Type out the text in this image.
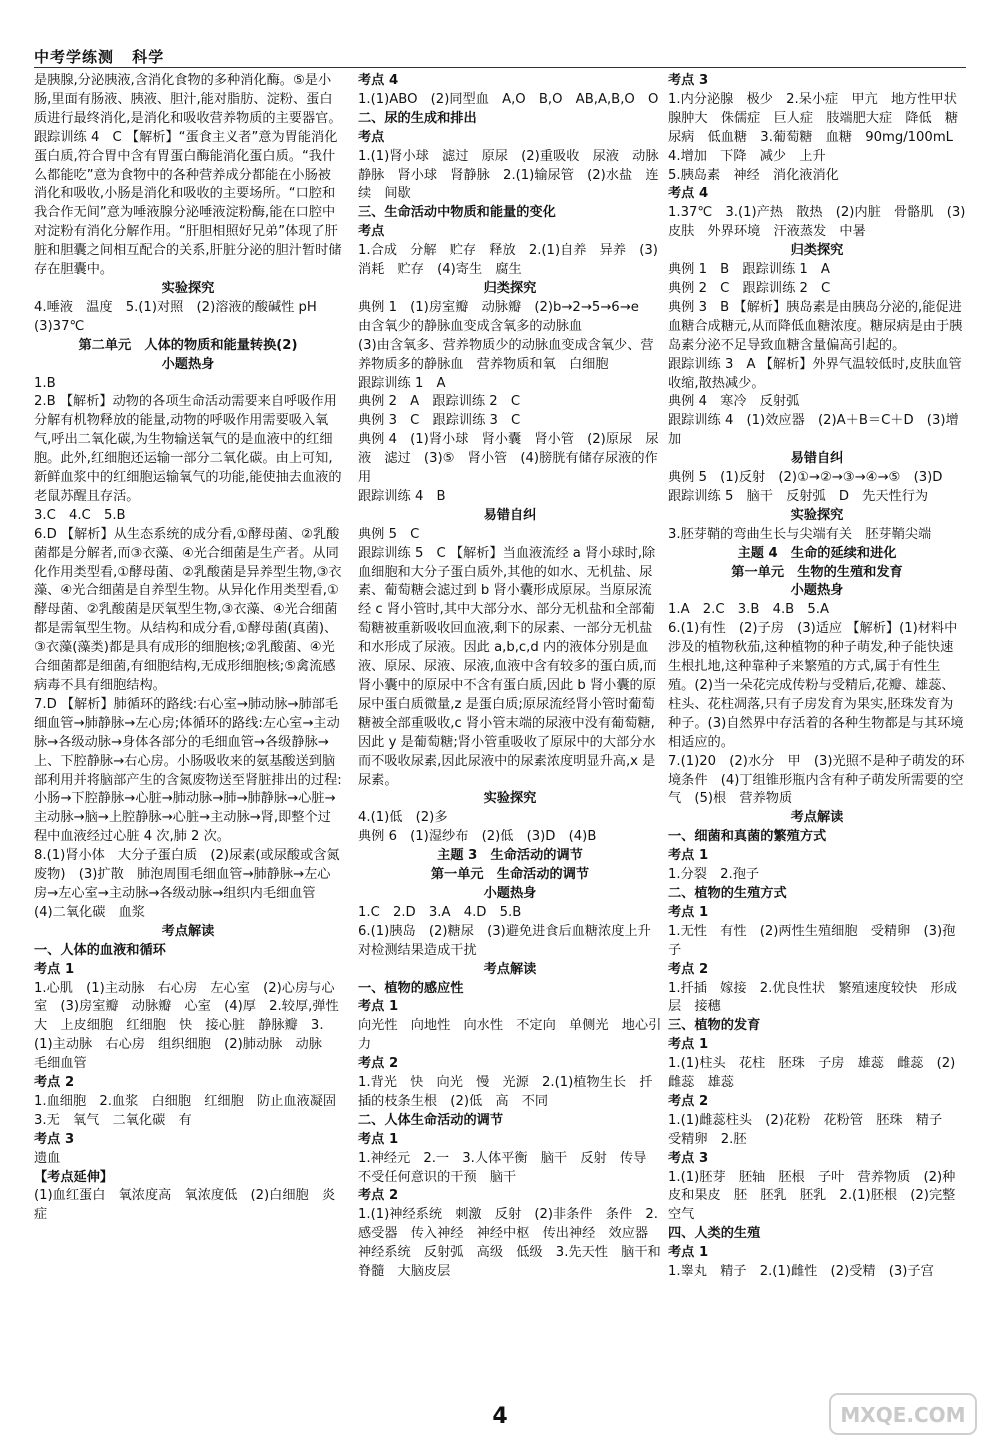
中考学练测 科学
是胰腺,分泌胰液,含消化食物的多种消化酶。⑤是小肠,里面有肠液、胰液、胆汁,能对脂肪、淀粉、蛋白质进行最终消化,是消化和吸收营养物质的主要器官。
跟踪训练 4　C 【解析】“蛋食主义者”意为胃能消化蛋白质,符合胃中含有胃蛋白酶能消化蛋白质。“我什么都能吃”意为食物中的各种营养成分都能在小肠被消化和吸收,小肠是消化和吸收的主要场所。“口腔和我合作无间”意为唾液腺分泌唾液淀粉酶,能在口腔中对淀粉有消化分解作用。“肝胆相照好兄弟”体现了肝脏和胆囊之间相互配合的关系,肝脏分泌的胆汁暂时储存在胆囊中。
实验探究
4.唾液　温度　5.(1)对照　(2)溶液的酸碱性 pH　(3)37℃
第二单元　人体的物质和能量转换(2)
小题热身
1.B
2.B 【解析】动物的各项生命活动需要来自呼吸作用分解有机物释放的能量,动物的呼吸作用需要吸入氧气,呼出二氧化碳,为生物输送氧气的是血液中的红细胞。此外,红细胞还运输一部分二氧化碳。由上可知,新鲜血浆中的红细胞运输氧气的功能,能使抽去血液的老鼠苏醒且存活。
3.C　4.C　5.B
6.D 【解析】从生态系统的成分看,①酵母菌、②乳酸菌都是分解者,而③衣藻、④光合细菌是生产者。从同化作用类型看,①酵母菌、②乳酸菌是异养型生物,③衣藻、④光合细菌是自养型生物。从异化作用类型看,①酵母菌、②乳酸菌是厌氧型生物,③衣藻、④光合细菌都是需氧型生物。从结构和成分看,①酵母菌(真菌)、③衣藻(藻类)都是具有成形的细胞核;②乳酸菌、④光合细菌都是细菌,有细胞结构,无成形细胞核;⑤禽流感病毒不具有细胞结构。
7.D 【解析】肺循环的路线:右心室→肺动脉→肺部毛细血管→肺静脉→左心房;体循环的路线:左心室→主动脉→各级动脉→身体各部分的毛细血管→各级静脉→上、下腔静脉→右心房。小肠吸收来的氨基酸送到脑部利用并将脑部产生的含氮废物送至肾脏排出的过程:小肠→下腔静脉→心脏→肺动脉→肺→肺静脉→心脏→主动脉→脑→上腔静脉→心脏→主动脉→肾,即整个过程中血液经过心脏 4 次,肺 2 次。
8.(1)肾小体　大分子蛋白质　(2)尿素(或尿酸或含氮废物)　(3)扩散　肺泡周围毛细血管→肺静脉→左心房→左心室→主动脉→各级动脉→组织内毛细血管　(4)二氧化碳　血浆
考点解读
一、人体的血液和循环
考点 1
1.心肌　(1)主动脉　右心房　左心室　(2)心房与心室　(3)房室瓣　动脉瓣　心室　(4)厚　2.较厚,弹性大　上皮细胞　红细胞　快　接心脏　静脉瓣　3.(1)主动脉　右心房　组织细胞　(2)肺动脉　动脉　毛细血管
考点 2
1.血细胞　2.血浆　白细胞　红细胞　防止血液凝固　3.无　氧气　二氧化碳　有
考点 3
遗血
【考点延伸】
(1)血红蛋白　氧浓度高　氧浓度低　(2)白细胞　炎症
考点 4
1.(1)ABO　(2)同型血　A,O　B,O　AB,A,B,O　O
二、尿的生成和排出
考点
1.(1)肾小球　滤过　原尿　(2)重吸收　尿液　动脉　静脉　肾小球　肾静脉　2.(1)输尿管　(2)水盐　连续　间歇
三、生命活动中物质和能量的变化
考点
1.合成　分解　贮存　释放　2.(1)自养　异养　(3)消耗　贮存　(4)寄生　腐生
归类探究
典例 1　(1)房室瓣　动脉瓣　(2)b→2→5→6→e　由含氧少的静脉血变成含氧多的动脉血
(3)由含氧多、营养物质少的动脉血变成含氧少、营养物质多的静脉血　营养物质和氧　白细胞
跟踪训练 1　A
典例 2　A　跟踪训练 2　C
典例 3　C　跟踪训练 3　C
典例 4　(1)肾小球　肾小囊　肾小管　(2)原尿　尿液　滤过　(3)⑤　肾小管　(4)膀胱有储存尿液的作用
跟踪训练 4　B
易错自纠
典例 5　C
跟踪训练 5　C 【解析】当血液流经 a 肾小球时,除血细胞和大分子蛋白质外,其他的如水、无机盐、尿素、葡萄糖会滤过到 b 肾小囊形成原尿。当原尿流经 c 肾小管时,其中大部分水、部分无机盐和全部葡萄糖被重新吸收回血液,剩下的尿素、一部分无机盐和水形成了尿液。因此 a,b,c,d 内的液体分别是血液、原尿、尿液、尿液,血液中含有较多的蛋白质,而肾小囊中的原尿中不含有蛋白质,因此 b 肾小囊的原尿中蛋白质微量,z 是蛋白质;原尿流经肾小管时葡萄糖被全部重吸收,c 肾小管末端的尿液中没有葡萄糖,因此 y 是葡萄糖;肾小管重吸收了原尿中的大部分水而不吸收尿素,因此尿液中的尿素浓度明显升高,x 是尿素。
实验探究
4.(1)低　(2)多
典例 6　(1)湿纱布　(2)低　(3)D　(4)B
主题 3　生命活动的调节
第一单元　生命活动的调节
小题热身
1.C　2.D　3.A　4.D　5.B
6.(1)胰岛　(2)糖尿　(3)避免进食后血糖浓度上升对检测结果造成干扰
考点解读
一、植物的感应性
考点 1
向光性　向地性　向水性　不定向　单侧光　地心引力
考点 2
1.背光　快　向光　慢　光源　2.(1)植物生长　扦插的枝条生根　(2)低　高　不同
二、人体生命活动的调节
考点 1
1.神经元　2.一　3.人体平衡　脑干　反射　传导　不受任何意识的干预　脑干
考点 2
1.(1)神经系统　刺激　反射　(2)非条件　条件　2.感受器　传入神经　神经中枢　传出神经　效应器　神经系统　反射弧　高级　低级　3.先天性　脑干和脊髓　大脑皮层
考点 3
1.内分泌腺　极少　2.呆小症　甲亢　地方性甲状腺肿大　侏儒症　巨人症　肢端肥大症　降低　糖尿病　低血糖　3.葡萄糖　血糖　90mg/100mL　4.增加　下降　减少　上升
5.胰岛素　神经　消化液消化
考点 4
1.37℃　3.(1)产热　散热　(2)内脏　骨骼肌　(3)皮肤　外界环境　汗液蒸发　中暑
归类探究
典例 1　B　跟踪训练 1　A
典例 2　C　跟踪训练 2　C
典例 3　B 【解析】胰岛素是由胰岛分泌的,能促进血糖合成糖元,从而降低血糖浓度。糖尿病是由于胰岛素分泌不足导致血糖含量偏高引起的。
跟踪训练 3　A 【解析】外界气温较低时,皮肤血管收缩,散热减少。
典例 4　寒冷　反射弧
跟踪训练 4　(1)效应器　(2)A＋B＝C＋D　(3)增加
易错自纠
典例 5　(1)反射　(2)①→②→③→④→⑤　(3)D
跟踪训练 5　脑干　反射弧　D　先天性行为
实验探究
3.胚芽鞘的弯曲生长与尖端有关　胚芽鞘尖端
主题 4　生命的延续和进化
第一单元　生物的生殖和发育
小题热身
1.A　2.C　3.B　4.B　5.A
6.(1)有性　(2)子房　(3)适应 【解析】(1)材料中涉及的植物秋茄,这种植物的种子萌发,种子能快速生根扎地,这种靠种子来繁殖的方式,属于有性生殖。(2)当一朵花完成传粉与受精后,花瓣、雄蕊、柱头、花柱凋落,只有子房发育为果实,胚珠发育为种子。(3)自然界中存活着的各种生物都是与其环境相适应的。
7.(1)20　(2)水分　甲　(3)光照不是种子萌发的环境条件　(4)丁组锥形瓶内含有种子萌发所需要的空气　(5)根　营养物质
考点解读
一、细菌和真菌的繁殖方式
考点 1
1.分裂　2.孢子
二、植物的生殖方式
考点 1
1.无性　有性　(2)两性生殖细胞　受精卵　(3)孢子
考点 2
1.扦插　嫁接　2.优良性状　繁殖速度较快　形成层　接穗
三、植物的发育
考点 1
1.(1)柱头　花柱　胚珠　子房　雄蕊　雌蕊　(2)雌蕊　雄蕊
考点 2
1.(1)雌蕊柱头　(2)花粉　花粉管　胚珠　精子　受精卵　2.胚
考点 3
1.(1)胚芽　胚轴　胚根　子叶　营养物质　(2)种皮和果皮　胚　胚乳　胚乳　2.(1)胚根　(2)完整　空气
四、人类的生殖
考点 1
1.睾丸　精子　2.(1)雌性　(2)受精　(3)子宫
4	MXQE.COM
